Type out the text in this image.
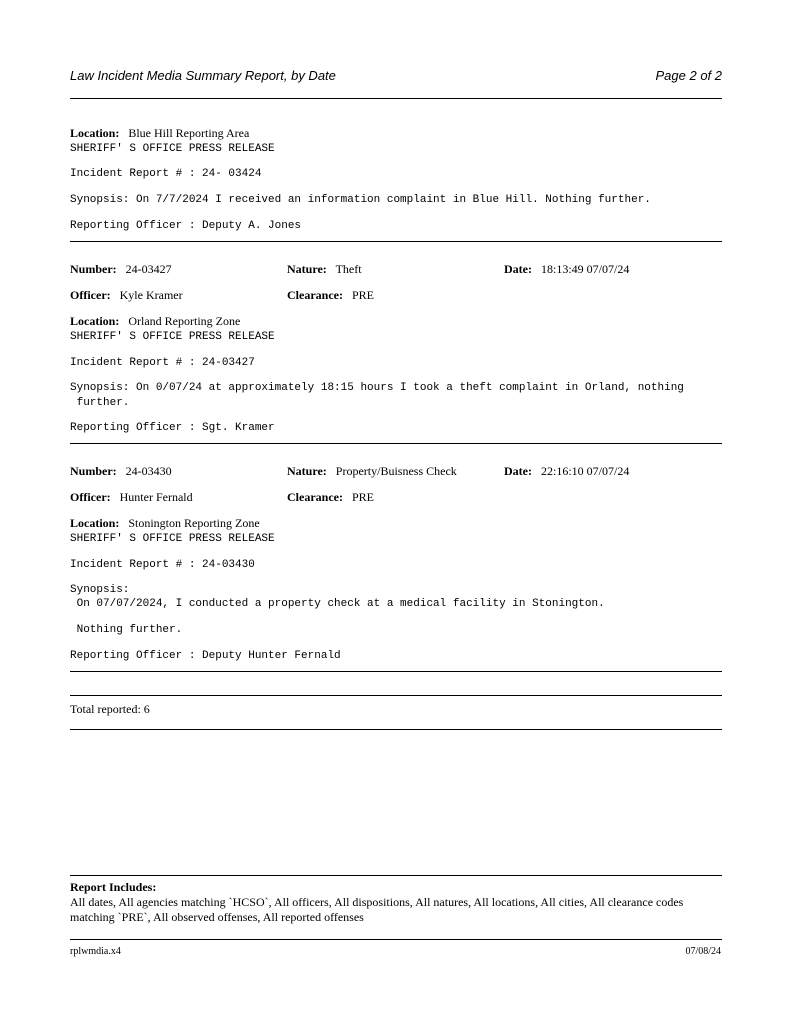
Law Incident Media Summary Report, by Date	Page 2 of 2
Location: Blue Hill Reporting Area
SHERIFF' S OFFICE PRESS RELEASE
Incident Report # : 24- 03424
Synopsis: On 7/7/2024 I received an information complaint in Blue Hill. Nothing further.
Reporting Officer : Deputy A. Jones
Number: 24-03427	Nature: Theft	Date: 18:13:49 07/07/24
Officer: Kyle Kramer	Clearance: PRE
Location: Orland Reporting Zone
SHERIFF' S OFFICE PRESS RELEASE
Incident Report # : 24-03427
Synopsis: On 0/07/24 at approximately 18:15 hours I took a theft complaint in Orland, nothing
further.
Reporting Officer : Sgt. Kramer
Number: 24-03430	Nature: Property/Buisness Check	Date: 22:16:10 07/07/24
Officer: Hunter Fernald	Clearance: PRE
Location: Stonington Reporting Zone
SHERIFF' S OFFICE PRESS RELEASE
Incident Report # : 24-03430
Synopsis:
On 07/07/2024, I conducted a property check at a medical facility in Stonington.
Nothing further.
Reporting Officer : Deputy Hunter Fernald
Total reported: 6
Report Includes:
All dates, All agencies matching `HCSO`, All officers, All dispositions, All natures, All locations, All cities, All clearance codes matching `PRE`, All observed offenses, All reported offenses
rplwmdia.x4	07/08/24
